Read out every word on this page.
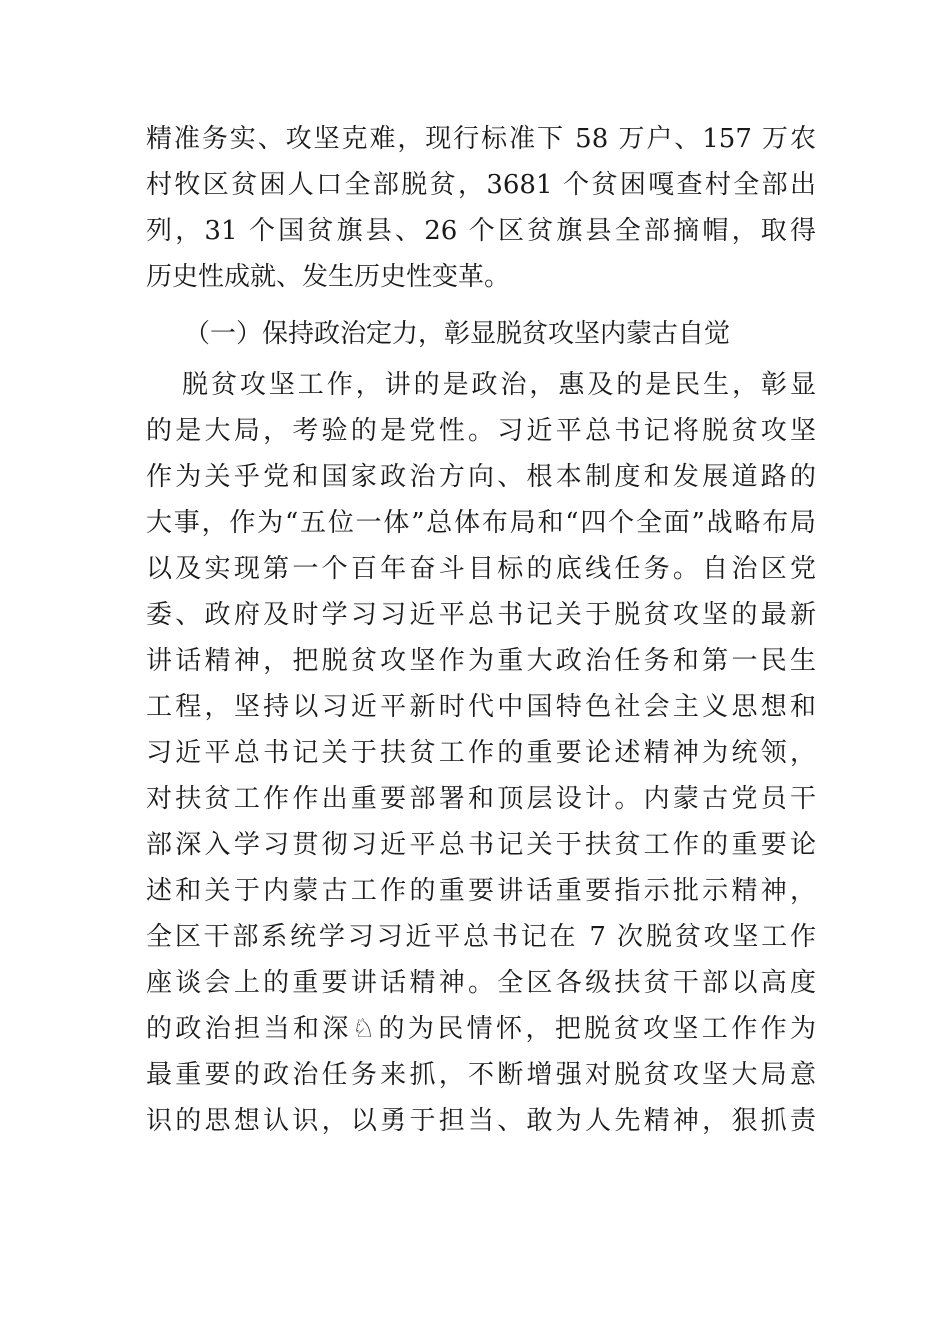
精准务实、攻坚克难，现行标准下 58 万户、157 万农
村牧区贫困人口全部脱贫，3681 个贫困嘎查村全部出
列，31 个国贫旗县、26 个区贫旗县全部摘帽，取得
历史性成就、发生历史性变革。
（一）保持政治定力，彰显脱贫攻坚内蒙古自觉
脱贫攻坚工作，讲的是政治，惠及的是民生，彰显
的是大局，考验的是党性。习近平总书记将脱贫攻坚
作为关乎党和国家政治方向、根本制度和发展道路的
大事，作为“五位一体”总体布局和“四个全面”战略布局
以及实现第一个百年奋斗目标的底线任务。自治区党
委、政府及时学习习近平总书记关于脱贫攻坚的最新
讲话精神，把脱贫攻坚作为重大政治任务和第一民生
工程，坚持以习近平新时代中国特色社会主义思想和
习近平总书记关于扶贫工作的重要论述精神为统领，
对扶贫工作作出重要部署和顶层设计。内蒙古党员干
部深入学习贯彻习近平总书记关于扶贫工作的重要论
述和关于内蒙古工作的重要讲话重要指示批示精神，
全区干部系统学习习近平总书记在 7 次脱贫攻坚工作
座谈会上的重要讲话精神。全区各级扶贫干部以高度
的政治担当和深♘的为民情怀，把脱贫攻坚工作作为
最重要的政治任务来抓，不断增强对脱贫攻坚大局意
识的思想认识，以勇于担当、敢为人先精神，狠抓责
